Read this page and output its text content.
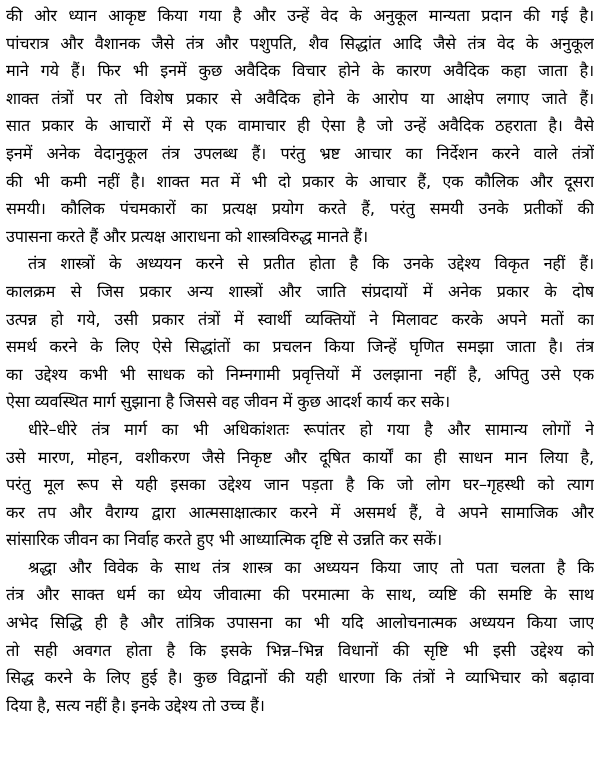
की ओर ध्यान आकृष्ट किया गया है और उन्हें वेद के अनुकूल मान्यता प्रदान की गई है।
पांचरात्र और वैशानक जैसे तंत्र और पशुपति, शैव सिद्धांत आदि जैसे तंत्र वेद के अनुकूल
माने गये हैं। फिर भी इनमें कुछ अवैदिक विचार होने के कारण अवैदिक कहा जाता है।
शाक्त तंत्रों पर तो विशेष प्रकार से अवैदिक होने के आरोप या आक्षेप लगाए जाते हैं।
सात प्रकार के आचारों में से एक वामाचार ही ऐसा है जो उन्हें अवैदिक ठहराता है। वैसे
इनमें अनेक वेदानुकूल तंत्र उपलब्ध हैं। परंतु भ्रष्ट आचार का निर्देशन करने वाले तंत्रों
की भी कमी नहीं है। शाक्त मत में भी दो प्रकार के आचार हैं, एक कौलिक और दूसरा
समयी। कौलिक पंचमकारों का प्रत्यक्ष प्रयोग करते हैं, परंतु समयी उनके प्रतीकों की
उपासना करते हैं और प्रत्यक्ष आराधना को शास्त्रविरुद्ध मानते हैं।
तंत्र शास्त्रों के अध्ययन करने से प्रतीत होता है कि उनके उद्देश्य विकृत नहीं हैं।
कालक्रम से जिस प्रकार अन्य शास्त्रों और जाति संप्रदायों में अनेक प्रकार के दोष
उत्पन्न हो गये, उसी प्रकार तंत्रों में स्वार्थी व्यक्तियों ने मिलावट करके अपने मतों का
समर्थ करने के लिए ऐसे सिद्धांतों का प्रचलन किया जिन्हें घृणित समझा जाता है। तंत्र
का उद्देश्य कभी भी साधक को निम्नगामी प्रवृत्तियों में उलझाना नहीं है, अपितु उसे एक
ऐसा व्यवस्थित मार्ग सुझाना है जिससे वह जीवन में कुछ आदर्श कार्य कर सके।
धीरे–धीरे तंत्र मार्ग का भी अधिकांशतः रूपांतर हो गया है और सामान्य लोगों ने
उसे मारण, मोहन, वशीकरण जैसे निकृष्ट और दूषित कार्यों का ही साधन मान लिया है,
परंतु मूल रूप से यही इसका उद्देश्य जान पड़ता है कि जो लोग घर–गृहस्थी को त्याग
कर तप और वैराग्य द्वारा आत्मसाक्षात्कार करने में असमर्थ हैं, वे अपने सामाजिक और
सांसारिक जीवन का निर्वाह करते हुए भी आध्यात्मिक दृष्टि से उन्नति कर सकें।
श्रद्धा और विवेक के साथ तंत्र शास्त्र का अध्ययन किया जाए तो पता चलता है कि
तंत्र और साक्त धर्म का ध्येय जीवात्मा की परमात्मा के साथ, व्यष्टि की समष्टि के साथ
अभेद सिद्धि ही है और तांत्रिक उपासना का भी यदि आलोचनात्मक अध्ययन किया जाए
तो सही अवगत होता है कि इसके भिन्न–भिन्न विधानों की सृष्टि भी इसी उद्देश्य को
सिद्ध करने के लिए हुई है। कुछ विद्वानों की यही धारणा कि तंत्रों ने व्याभिचार को बढ़ावा
दिया है, सत्य नहीं है। इनके उद्देश्य तो उच्च हैं।
